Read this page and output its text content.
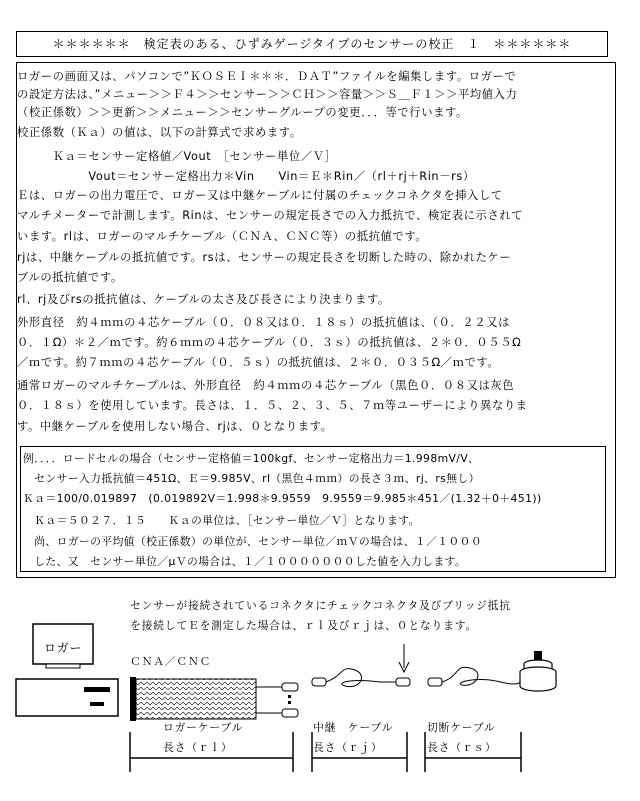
＊＊＊＊＊＊　検定表のある、ひずみゲージタイプのセンサーの校正　１　＊＊＊＊＊＊
ロガーの画面又は、パソコンで”ＫＯＳＥＩ＊＊＊．ＤＡＴ”ファイルを編集します。ロガーで
の設定方法は、”メニュー＞＞Ｆ４＞＞センサー＞＞ＣＨ＞＞容量＞＞Ｓ＿Ｆ１＞＞平均値入力
（校正係数）＞＞更新＞＞メニュー＞＞センサーグループの変更．．．等で行います。
校正係数（Ｋａ）の値は、以下の計算式で求めます。
　　　Ｋａ＝センサー定格値／Vout　［センサー単位／Ｖ］
　　　　　　Vout＝センサー定格出力＊Vin　　Vin＝Ｅ＊Rin／（rl＋rj＋Rin－rs）
Ｅは、ロガーの出力電圧で、ロガー又は中継ケーブルに付属のチェックコネクタを挿入して
マルチメーターで計測します。Rinは、センサーの規定長さでの入力抵抗で、検定表に示されて
います。rlは、ロガーのマルチケーブル（ＣＮＡ、ＣＮＣ等）の抵抗値です。
rjは、中継ケーブルの抵抗値です。rsは、センサーの規定長さを切断した時の、除かれたケー
ブルの抵抗値です。
rl、rj及びrsの抵抗値は、ケーブルの太さ及び長さにより決まります。
外形直径　約４ｍｍの４芯ケーブル（０．０８又は０．１８ｓ）の抵抗値は、（０．２２又は
０．１Ω）＊２／ｍです。約６ｍｍの４芯ケーブル（０．３ｓ）の抵抗値は、２＊０．０５５Ω
／ｍです。約７ｍｍの４芯ケーブル（０．５ｓ）の抵抗値は、２＊０．０３５Ω／ｍです。
通常ロガーのマルチケーブルは、外形直径　約４ｍｍの４芯ケーブル（黒色０．０８又は灰色
０．１８ｓ）を使用しています。長さは、１．５、２、３、５、７ｍ等ユーザーにより異なりま
す。中継ケーブルを使用しない場合、rjは、０となります。
例．．．．ロードセルの場合（センサー定格値＝100kgf、センサー定格出力＝1.998mV/V、
　センサー入力抵抗値＝451Ω、Ｅ＝9.985V、rl（黒色４ｍｍ）の長さ３ｍ、rj、rs無し）
Ｋａ＝100/0.019897　(0.019892V＝1.998＊9.9559　9.9559＝9.985＊451／(1.32＋0＋451))
　Ｋａ＝５０２７．１５　　Ｋａの単位は、［センサー単位／Ｖ］となります。
　尚、ロガーの平均値（校正係数）の単位が、センサー単位／ｍＶの場合は、１／１０００
　した、又　センサー単位／μＶの場合は、１／１０００００００した値を入力します。
センサーが接続されているコネクタにチェックコネクタ及びブリッジ抵抗
を接続してＥを測定した場合は、ｒｌ及びｒｊは、０となります。
ロガー
ＣＮＡ／ＣＮＣ
ロガーケーブル
長さ（ｒｌ）
中継　ケーブル
長さ（ｒｊ）
切断ケーブル
長さ（ｒｓ）
